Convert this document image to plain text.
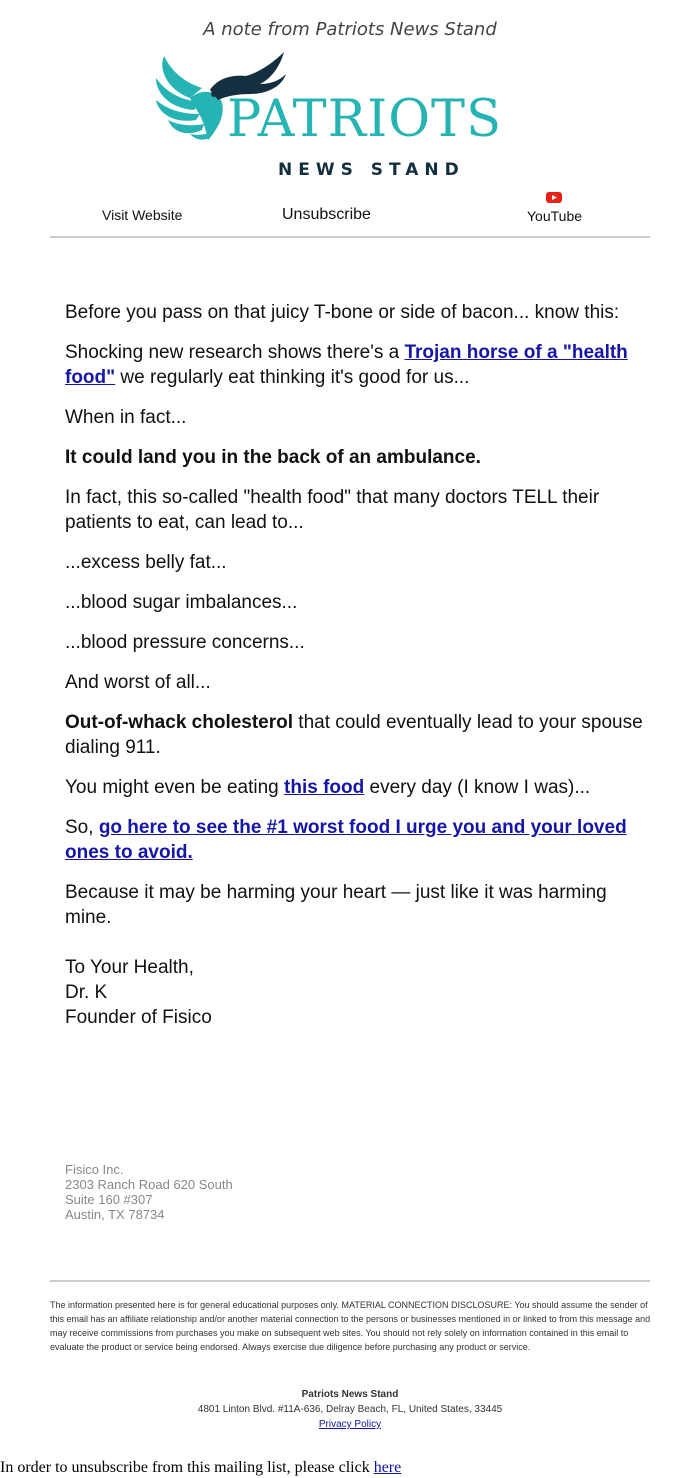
A note from Patriots News Stand
PATRIOTS
NEWS STAND
Visit Website	Unsubscribe	YouTube

Before you pass on that juicy T-bone or side of bacon... know this:

Shocking new research shows there's a Trojan horse of a "health food" we regularly eat thinking it's good for us...

When in fact...

It could land you in the back of an ambulance.

In fact, this so-called "health food" that many doctors TELL their patients to eat, can lead to...

...excess belly fat...

...blood sugar imbalances...

...blood pressure concerns...

And worst of all...

Out-of-whack cholesterol that could eventually lead to your spouse dialing 911.

You might even be eating this food every day (I know I was)...

So, go here to see the #1 worst food I urge you and your loved ones to avoid.

Because it may be harming your heart — just like it was harming mine.

To Your Health,
Dr. K
Founder of Fisico

Fisico Inc.
2303 Ranch Road 620 South
Suite 160 #307
Austin, TX 78734
The information presented here is for general educational purposes only. MATERIAL CONNECTION DISCLOSURE: You should assume the sender of this email has an affiliate relationship and/or another material connection to the persons or businesses mentioned in or linked to from this message and may receive commissions from purchases you make on subsequent web sites. You should not rely solely on information contained in this email to evaluate the product or service being endorsed. Always exercise due diligence before purchasing any product or service.
Patriots News Stand
4801 Linton Blvd. #11A-636, Delray Beach, FL, United States, 33445
Privacy Policy
In order to unsubscribe from this mailing list, please click here
